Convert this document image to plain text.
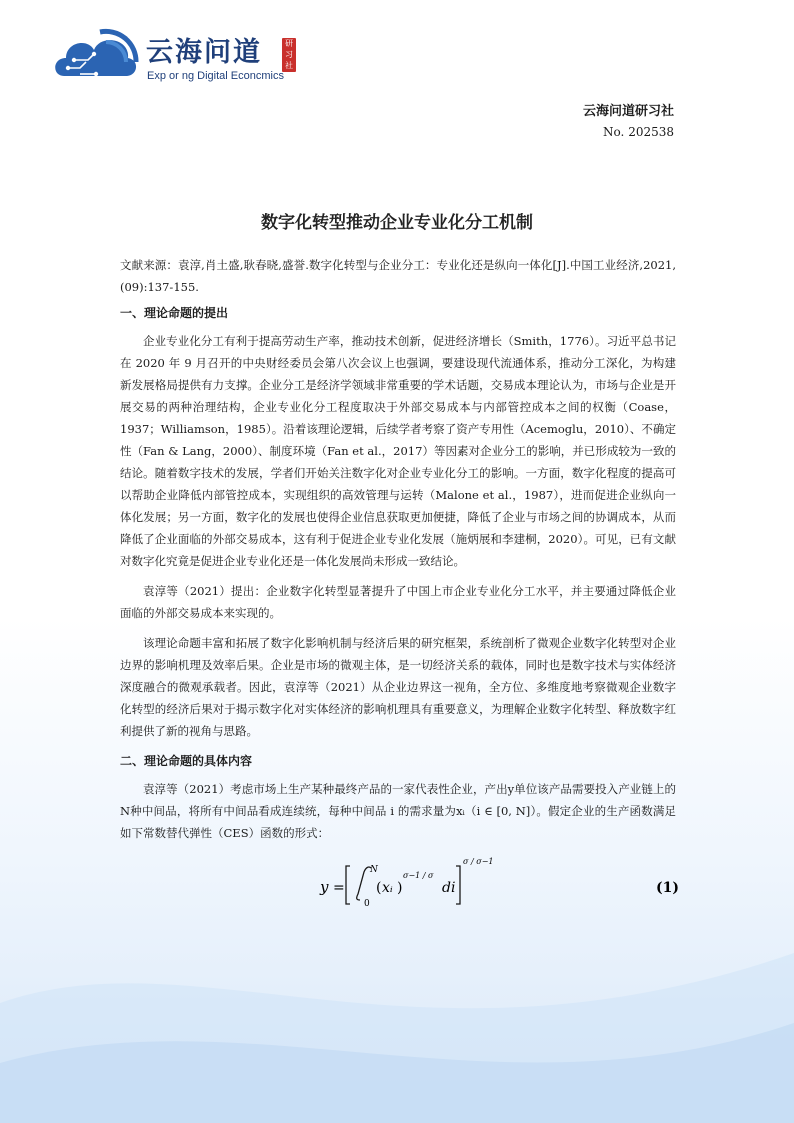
云海问道	研习社
Exp or ng Digital Econcmics
云海问道研习社
No. 202538
数字化转型推动企业专业化分工机制

文献来源：袁淳,肖土盛,耿春晓,盛誉.数字化转型与企业分工：专业化还是纵向一体化[J].中国工业经济,2021,(09):137-155.

一、理论命题的提出

企业专业化分工有利于提高劳动生产率，推动技术创新，促进经济增长（Smith，1776）。习近平总书记在 2020 年 9 月召开的中央财经委员会第八次会议上也强调，要建设现代流通体系，推动分工深化，为构建新发展格局提供有力支撑。企业分工是经济学领域非常重要的学术话题，交易成本理论认为，市场与企业是开展交易的两种治理结构，企业专业化分工程度取决于外部交易成本与内部管控成本之间的权衡（Coase，1937；Williamson，1985）。沿着该理论逻辑，后续学者考察了资产专用性（Acemoglu，2010）、不确定性（Fan & Lang，2000）、制度环境（Fan et al.，2017）等因素对企业分工的影响，并已形成较为一致的结论。随着数字技术的发展，学者们开始关注数字化对企业专业化分工的影响。一方面，数字化程度的提高可以帮助企业降低内部管控成本，实现组织的高效管理与运转（Malone et al.，1987），进而促进企业纵向一体化发展；另一方面，数字化的发展也使得企业信息获取更加便捷，降低了企业与市场之间的协调成本，从而降低了企业面临的外部交易成本，这有利于促进企业专业化发展（施炳展和李建桐，2020）。可见，已有文献对数字化究竟是促进企业专业化还是一体化发展尚未形成一致结论。

袁淳等（2021）提出：企业数字化转型显著提升了中国上市企业专业化分工水平，并主要通过降低企业面临的外部交易成本来实现的。

该理论命题丰富和拓展了数字化影响机制与经济后果的研究框架，系统剖析了微观企业数字化转型对企业边界的影响机理及效率后果。企业是市场的微观主体，是一切经济关系的载体，同时也是数字技术与实体经济深度融合的微观承载者。因此，袁淳等（2021）从企业边界这一视角，全方位、多维度地考察微观企业数字化转型的经济后果对于揭示数字化对实体经济的影响机理具有重要意义，为理解企业数字化转型、释放数字红利提供了新的视角与思路。

二、理论命题的具体内容

袁淳等（2021）考虑市场上生产某种最终产品的一家代表性企业，产出y单位该产品需要投入产业链上的N种中间品，将所有中间品看成连续统，每种中间品 i 的需求量为xᵢ（i ∈ [0, N]）。假定企业的生产函数满足如下常数替代弹性（CES）函数的形式：

y =
N
0
( xᵢ )
σ−1 / σ
di
σ / σ−1
(1)
